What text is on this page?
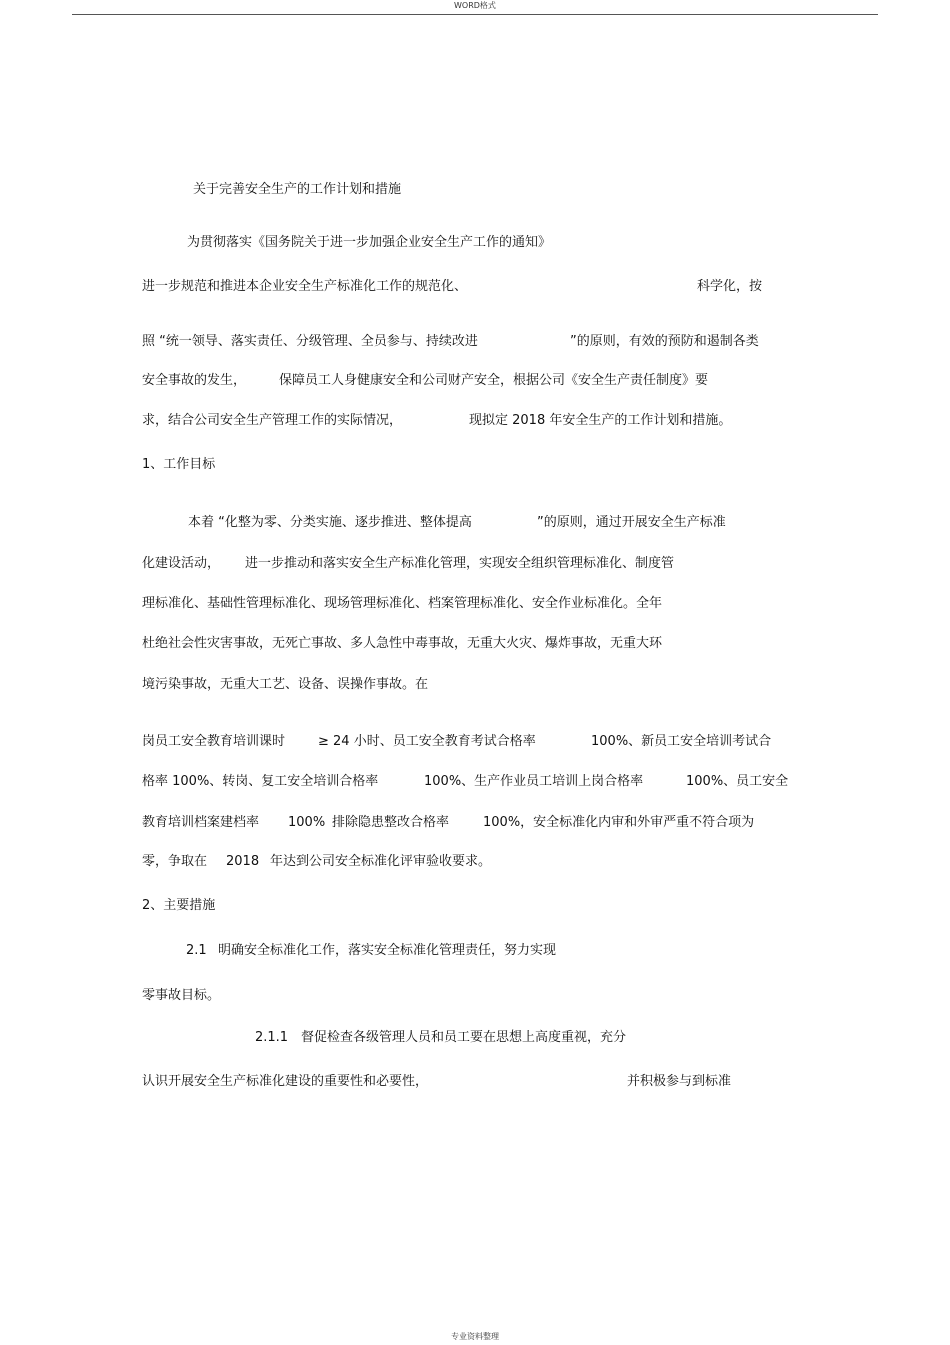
WORD格式
关于完善安全生产的工作计划和措施
为贯彻落实《国务院关于进一步加强企业安全生产工作的通知》
进一步规范和推进本企业安全生产标准化工作的规范化、	科学化，按
照 “统一领导、落实责任、分级管理、全员参与、持续改进	”的原则，有效的预防和遏制各类
安全事故的发生，	保障员工人身健康安全和公司财产安全，根据公司《安全生产责任制度》要
求，结合公司安全生产管理工作的实际情况，	现拟定 2018 年安全生产的工作计划和措施。
1、工作目标
本着 “化整为零、分类实施、逐步推进、整体提高	”的原则，通过开展安全生产标准
化建设活动， 进一步推动和落实安全生产标准化管理，实现安全组织管理标准化、制度管
理标准化、基础性管理标准化、现场管理标准化、档案管理标准化、安全作业标准化。全年
杜绝社会性灾害事故，无死亡事故、多人急性中毒事故，无重大火灾、爆炸事故，无重大环
境污染事故，无重大工艺、设备、误操作事故。在
岗员工安全教育培训课时	≥ 24 小时、员工安全教育考试合格率	100%、新员工安全培训考试合
格率 100%、转岗、复工安全培训合格率	100%、生产作业员工培训上岗合格率	100%、员工安全
教育培训档案建档率 100% 排除隐患整改合格率	100%，安全标准化内审和外审严重不符合项为
零，争取在 2018 年达到公司安全标准化评审验收要求。
2、主要措施
2.1 明确安全标准化工作，落实安全标准化管理责任，努力实现
零事故目标。
2.1.1 督促检查各级管理人员和员工要在思想上高度重视，充分
认识开展安全生产标准化建设的重要性和必要性，	并积极参与到标准
专业资料整理
